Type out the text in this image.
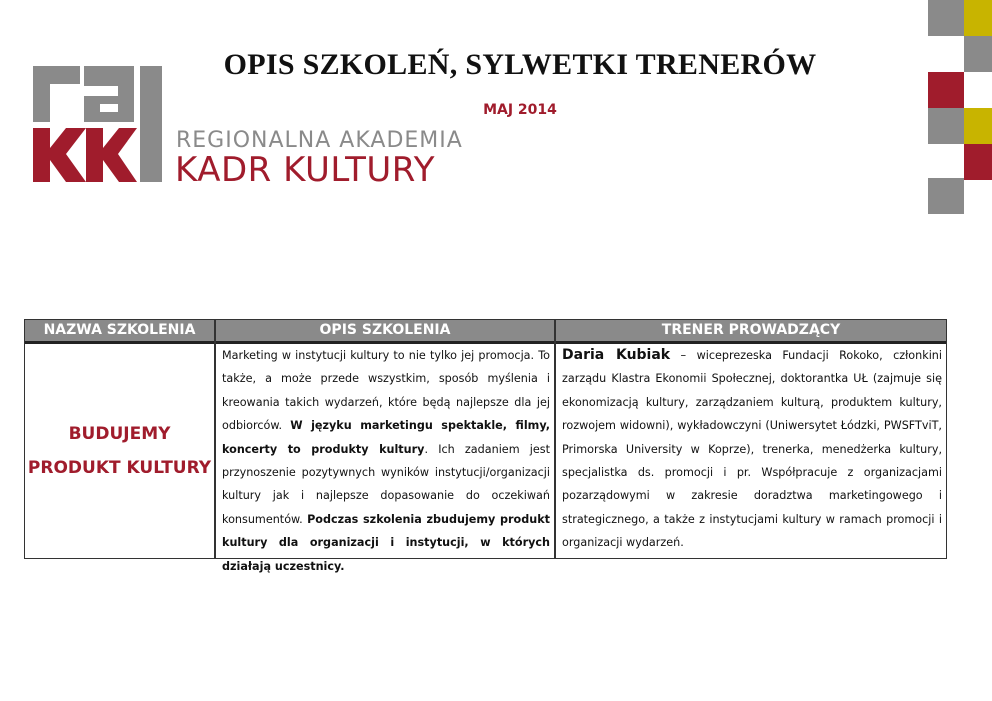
REGIONALNA AKADEMIA
KADR KULTURY
OPIS SZKOLEŃ, SYLWETKI TRENERÓW
MAJ 2014
NAZWA SZKOLENIA	OPIS SZKOLENIA	TRENER PROWADZĄCY
BUDUJEMY PRODUKT KULTURY
Marketing w instytucji kultury to nie tylko jej promocja. To także, a może przede wszystkim, sposób myślenia i kreowania takich wydarzeń, które będą najlepsze dla jej odbiorców. W języku marketingu spektakle, filmy, koncerty to produkty kultury. Ich zadaniem jest przynoszenie pozytywnych wyników instytucji/organizacji kultury jak i najlepsze dopasowanie do oczekiwań konsumentów. Podczas szkolenia zbudujemy produkt kultury dla organizacji i instytucji, w których działają uczestnicy.
Daria Kubiak – wiceprezeska Fundacji Rokoko, członkini zarządu Klastra Ekonomii Społecznej, doktorantka UŁ (zajmuje się ekonomizacją kultury, zarządzaniem kulturą, produktem kultury, rozwojem widowni), wykładowczyni (Uniwersytet Łódzki, PWSFTviT, Primorska University w Koprze), trenerka, menedżerka kultury, specjalistka ds. promocji i pr. Współpracuje z organizacjami pozarządowymi w zakresie doradztwa marketingowego i strategicznego, a także z instytucjami kultury w ramach promocji i organizacji wydarzeń.
